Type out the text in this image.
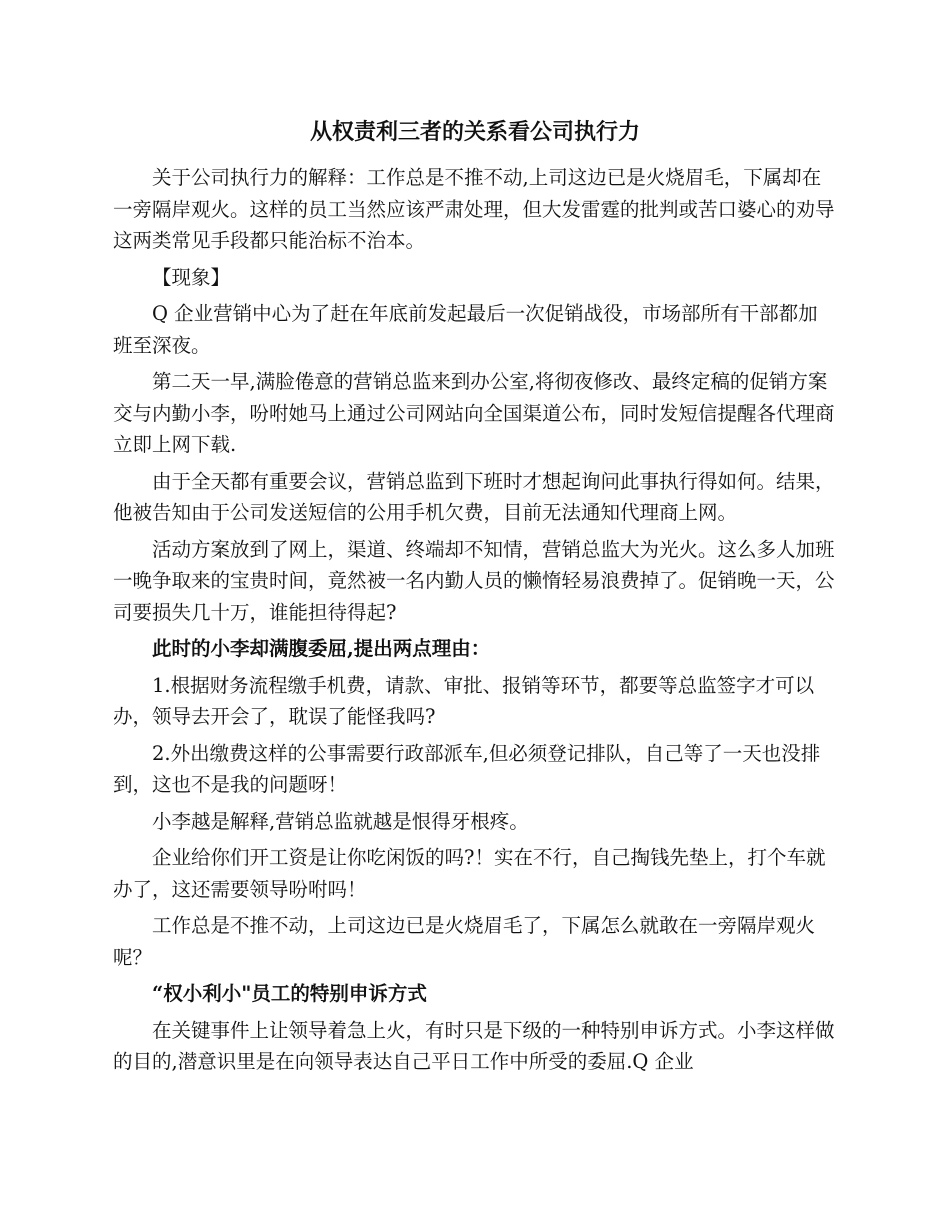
从权责利三者的关系看公司执行力

关于公司执行力的解释：工作总是不推不动,上司这边已是火烧眉毛，下属却在一旁隔岸观火。这样的员工当然应该严肃处理，但大发雷霆的批判或苦口婆心的劝导这两类常见手段都只能治标不治本。

【现象】

Q 企业营销中心为了赶在年底前发起最后一次促销战役，市场部所有干部都加班至深夜。

第二天一早,满脸倦意的营销总监来到办公室,将彻夜修改、最终定稿的促销方案交与内勤小李，吩咐她马上通过公司网站向全国渠道公布，同时发短信提醒各代理商立即上网下载.

由于全天都有重要会议，营销总监到下班时才想起询问此事执行得如何。结果，他被告知由于公司发送短信的公用手机欠费，目前无法通知代理商上网。

活动方案放到了网上，渠道、终端却不知情，营销总监大为光火。这么多人加班一晚争取来的宝贵时间，竟然被一名内勤人员的懒惰轻易浪费掉了。促销晚一天，公司要损失几十万，谁能担待得起?

此时的小李却满腹委屈,提出两点理由：

1.根据财务流程缴手机费，请款、审批、报销等环节，都要等总监签字才可以办，领导去开会了，耽误了能怪我吗?

2.外出缴费这样的公事需要行政部派车,但必须登记排队，自己等了一天也没排到，这也不是我的问题呀！

小李越是解释,营销总监就越是恨得牙根疼。

企业给你们开工资是让你吃闲饭的吗?！实在不行，自己掏钱先垫上，打个车就办了，这还需要领导吩咐吗！

工作总是不推不动，上司这边已是火烧眉毛了，下属怎么就敢在一旁隔岸观火呢？

“权小利小"员工的特别申诉方式

在关键事件上让领导着急上火，有时只是下级的一种特别申诉方式。小李这样做的目的,潜意识里是在向领导表达自己平日工作中所受的委屈.Q 企业
